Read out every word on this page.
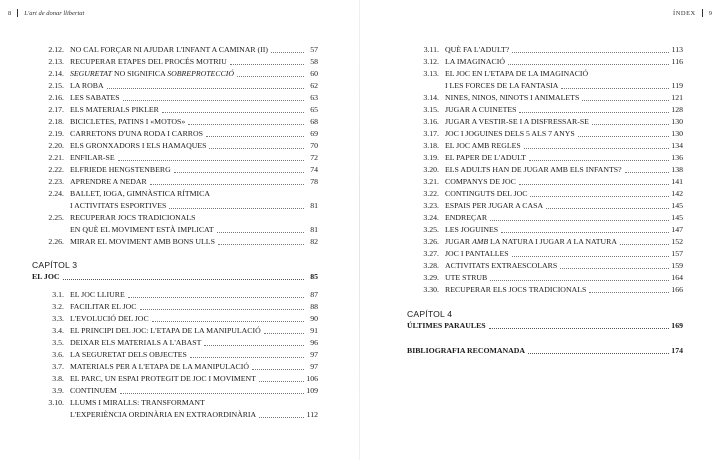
8 L'art de donar llibertat
2.12. NO CAL FORÇAR NI AJUDAR L'INFANT A CAMINAR (II)	57
2.13. RECUPERAR ETAPES DEL PROCÉS MOTRIU	58
2.14. SEGURETAT NO SIGNIFICA SOBREPROTECCIÓ	60
2.15. LA ROBA	62
2.16. LES SABATES	63
2.17. ELS MATERIALS PIKLER	65
2.18. BICICLETES, PATINS I «MOTOS»	68
2.19. CARRETONS D'UNA RODA I CARROS	69
2.20. ELS GRONXADORS I ELS HAMAQUES	70
2.21. ENFILAR-SE	72
2.22. ELFRIEDE HENGSTENBERG	74
2.23. APRENDRE A NEDAR	78
2.24. BALLET, IOGA, GIMNÀSTICA RÍTMICA
I ACTIVITATS ESPORTIVES	81
2.25. RECUPERAR JOCS TRADICIONALS
EN QUÈ EL MOVIMENT ESTÀ IMPLICAT	81
2.26. MIRAR EL MOVIMENT AMB BONS ULLS	82
CAPÍTOL 3
EL JOC	85
3.1. EL JOC LLIURE	87
3.2. FACILITAR EL JOC	88
3.3. L'EVOLUCIÓ DEL JOC	90
3.4. EL PRINCIPI DEL JOC: L'ETAPA DE LA MANIPULACIÓ	91
3.5. DEIXAR ELS MATERIALS A L'ABAST	96
3.6. LA SEGURETAT DELS OBJECTES	97
3.7. MATERIALS PER A L'ETAPA DE LA MANIPULACIÓ	97
3.8. EL PARC, UN ESPAI PROTEGIT DE JOC I MOVIMENT	106
3.9. CONTINUEM	109
3.10. LLUMS I MIRALLS: TRANSFORMANT
L'EXPERIÈNCIA ORDINÀRIA EN EXTRAORDINÀRIA	112
ÍNDEX 9
3.11. QUÈ FA L'ADULT?	113
3.12. LA IMAGINACIÓ	116
3.13. EL JOC EN L'ETAPA DE LA IMAGINACIÓ
I LES FORCES DE LA FANTASIA	119
3.14. NINES, NINOS, NINOTS I ANIMALETS	121
3.15. JUGAR A CUINETES	128
3.16. JUGAR A VESTIR-SE I A DISFRESSAR-SE	130
3.17. JOC I JOGUINES DELS 5 ALS 7 ANYS	130
3.18. EL JOC AMB REGLES	134
3.19. EL PAPER DE L'ADULT	136
3.20. ELS ADULTS HAN DE JUGAR AMB ELS INFANTS?	138
3.21. COMPANYS DE JOC	141
3.22. CONTINGUTS DEL JOC	142
3.23. ESPAIS PER JUGAR A CASA	145
3.24. ENDREÇAR	145
3.25. LES JOGUINES	147
3.26. JUGAR AMB LA NATURA I JUGAR A LA NATURA	152
3.27. JOC I PANTALLES	157
3.28. ACTIVITATS EXTRAESCOLARS	159
3.29. UTE STRUB	164
3.30. RECUPERAR ELS JOCS TRADICIONALS	166
CAPÍTOL 4
ÚLTIMES PARAULES	169
BIBLIOGRAFIA RECOMANADA	174
